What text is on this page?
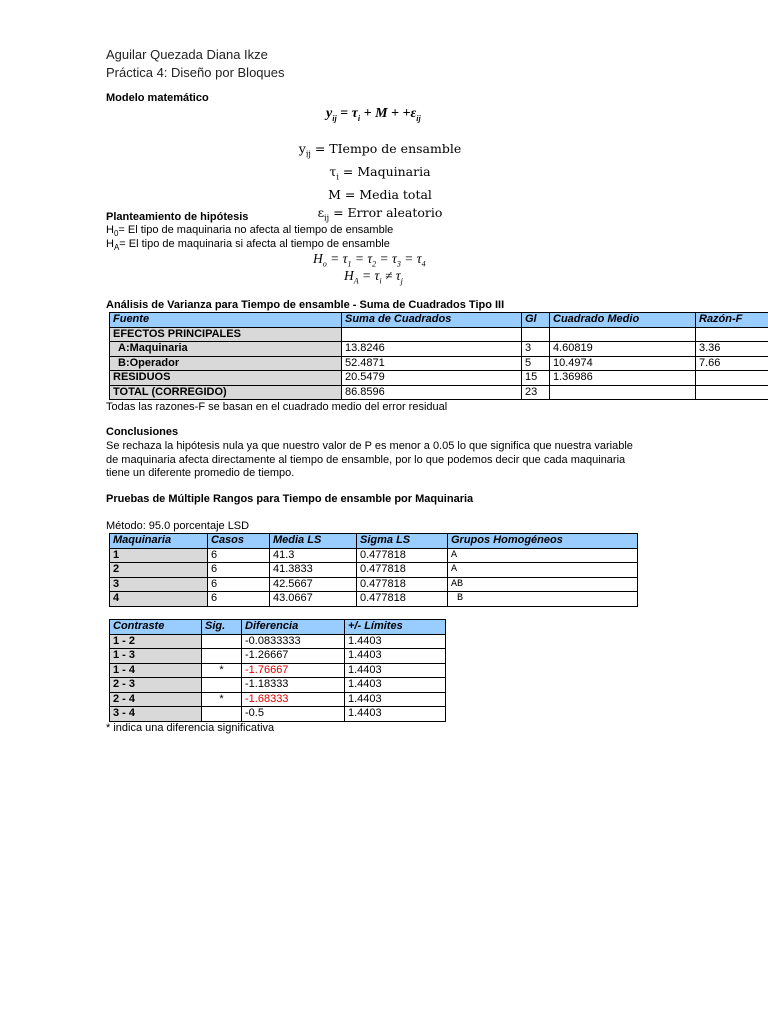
Aguilar Quezada Diana Ikze
Práctica 4: Diseño por Bloques
Modelo matemático
$y_{ij} = \tau_i + M + +\varepsilon_{ij}$
$y_{ij}$ = TIempo de ensamble
$\tau_i$ = Maquinaria
M = Media total
$\varepsilon_{ij}$ = Error aleatorio
Planteamiento de hipótesis
$H_0= El$ tipo de maquinaria no afecta al tiempo de ensamble
$H_A= El$ tipo de maquinaria si afecta al tiempo de ensamble
$H_o = \tau_1 = \tau_2 = \tau_3 = \tau_4$
$H_A = \tau_i \ne \tau_j$
Análisis de Varianza para Tiempo de ensamble - Suma de Cuadrados Tipo III
Fuente	Suma de Cuadrados	Gl	Cuadrado Medio	Razón-F
EFECTOS PRINCIPALES				
A:Maquinaria	13.8246	3	4.60819	3.36
B:Operador	52.4871	5	10.4974	7.66
RESIDUOS	20.5479	15	1.36986	
TOTAL (CORREGIDO)	86.8596	23		
Todas las razones-F se basan en el cuadrado medio del error residual
Conclusiones
Se rechaza la hipótesis nula ya que nuestro valor de P es menor a 0.05 lo que significa que nuestra variable
de maquinaria afecta directamente al tiempo de ensamble, por lo que podemos decir que cada maquinaria
tiene un diferente promedio de tiempo.
Pruebas de Múltiple Rangos para Tiempo de ensamble por Maquinaria
Método: 95.0 porcentaje LSD
Maquinaria	Casos	Media LS	Sigma LS	Grupos Homogéneos
1	6	41.3	0.477818	A
2	6	41.3833	0.477818	A
3	6	42.5667	0.477818	AB
4	6	43.0667	0.477818	B
Contraste	Sig.	Diferencia	+/- Límites
1 - 2		-0.0833333	1.4403
1 - 3		-1.26667	1.4403
1 - 4	*	-1.76667	1.4403
2 - 3		-1.18333	1.4403
2 - 4	*	-1.68333	1.4403
3 - 4		-0.5	1.4403
* indica una diferencia significativa
